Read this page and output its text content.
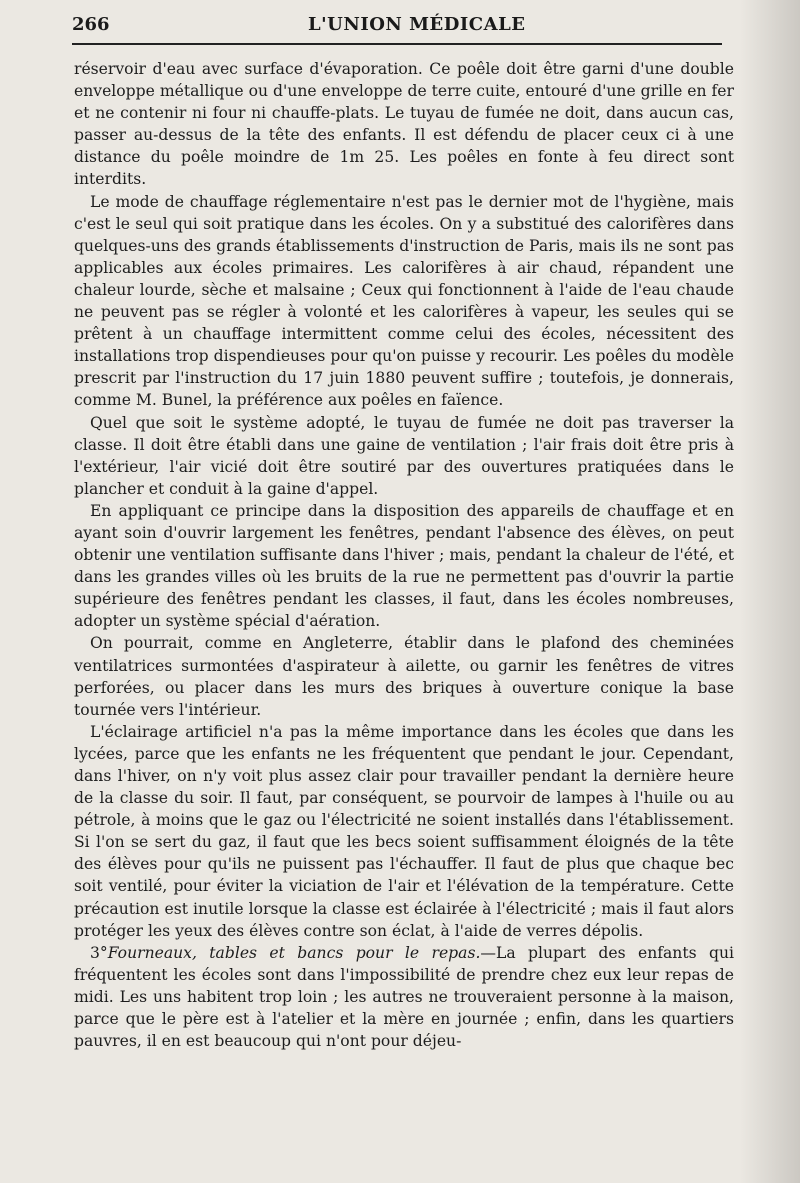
266	L'UNION MÉDICALE

réservoir d'eau avec surface d'évaporation. Ce poêle doit être garni d'une double enveloppe métallique ou d'une enveloppe de terre cuite, entouré d'une grille en fer et ne contenir ni four ni chauffe-plats. Le tuyau de fumée ne doit, dans aucun cas, passer au-dessus de la tête des enfants. Il est défendu de placer ceux ci à une distance du poêle moindre de 1m 25. Les poêles en fonte à feu direct sont interdits.

Le mode de chauffage réglementaire n'est pas le dernier mot de l'hygiène, mais c'est le seul qui soit pratique dans les écoles. On y a substitué des calorifères dans quelques-uns des grands établissements d'instruction de Paris, mais ils ne sont pas applicables aux écoles primaires. Les calorifères à air chaud, répandent une chaleur lourde, sèche et malsaine ; Ceux qui fonctionnent à l'aide de l'eau chaude ne peuvent pas se régler à volonté et les calorifères à vapeur, les seules qui se prêtent à un chauffage intermittent comme celui des écoles, nécessitent des installations trop dispendieuses pour qu'on puisse y recourir. Les poêles du modèle prescrit par l'instruction du 17 juin 1880 peuvent suffire ; toutefois, je donnerais, comme M. Bunel, la préférence aux poêles en faïence.

Quel que soit le système adopté, le tuyau de fumée ne doit pas traverser la classe. Il doit être établi dans une gaine de ventilation ; l'air frais doit être pris à l'extérieur, l'air vicié doit être soutiré par des ouvertures pratiquées dans le plancher et conduit à la gaine d'appel.

En appliquant ce principe dans la disposition des appareils de chauffage et en ayant soin d'ouvrir largement les fenêtres, pendant l'absence des élèves, on peut obtenir une ventilation suffisante dans l'hiver ; mais, pendant la chaleur de l'été, et dans les grandes villes où les bruits de la rue ne permettent pas d'ouvrir la partie supérieure des fenêtres pendant les classes, il faut, dans les écoles nombreuses, adopter un système spécial d'aération.

On pourrait, comme en Angleterre, établir dans le plafond des cheminées ventilatrices surmontées d'aspirateur à ailette, ou garnir les fenêtres de vitres perforées, ou placer dans les murs des briques à ouverture conique la base tournée vers l'intérieur.

L'éclairage artificiel n'a pas la même importance dans les écoles que dans les lycées, parce que les enfants ne les fréquentent que pendant le jour. Cependant, dans l'hiver, on n'y voit plus assez clair pour travailler pendant la dernière heure de la classe du soir. Il faut, par conséquent, se pourvoir de lampes à l'huile ou au pétrole, à moins que le gaz ou l'électricité ne soient installés dans l'établissement. Si l'on se sert du gaz, il faut que les becs soient suffisamment éloignés de la tête des élèves pour qu'ils ne puissent pas l'échauffer. Il faut de plus que chaque bec soit ventilé, pour éviter la viciation de l'air et l'élévation de la température. Cette précaution est inutile lorsque la classe est éclairée à l'électricité ; mais il faut alors protéger les yeux des élèves contre son éclat, à l'aide de verres dépolis.

3°Fourneaux, tables et bancs pour le repas.—La plupart des enfants qui fréquentent les écoles sont dans l'impossibilité de prendre chez eux leur repas de midi. Les uns habitent trop loin ; les autres ne trouveraient personne à la maison, parce que le père est à l'atelier et la mère en journée ; enfin, dans les quartiers pauvres, il en est beaucoup qui n'ont pour déjeu-
